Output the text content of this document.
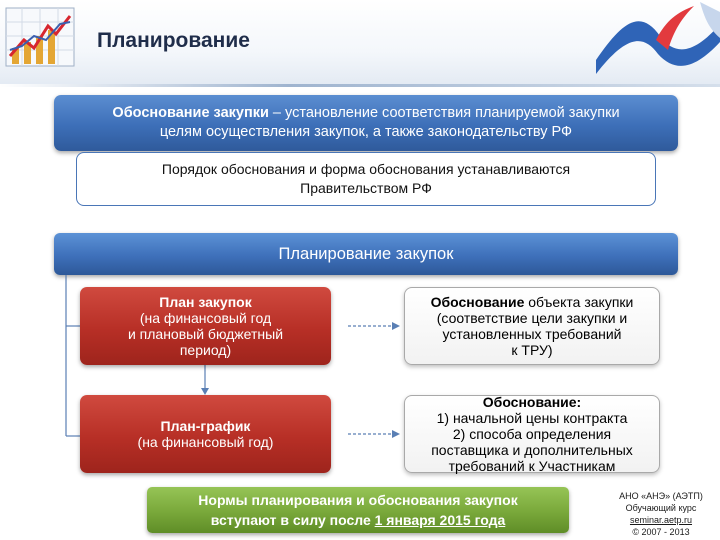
Планирование
Обоснование закупки – установление соответствия планируемой закупки
целям осуществления закупок, а также законодательству РФ
Порядок обоснования и форма обоснования устанавливаются
Правительством РФ
Планирование закупок
План закупок
(на финансовый год
и плановый бюджетный
период)
План-график
(на финансовый год)
Обоснование объекта закупки
(соответствие цели закупки и
установленных требований
к ТРУ)
Обоснование:
1) начальной цены контракта
2) способа определения
поставщика и дополнительных
требований к Участникам
Нормы планирования и обоснования закупок
вступают в силу после 1 января 2015 года
АНО «АНЭ» (АЭТП)
Обучающий курс
seminar.aetp.ru
© 2007 - 2013
